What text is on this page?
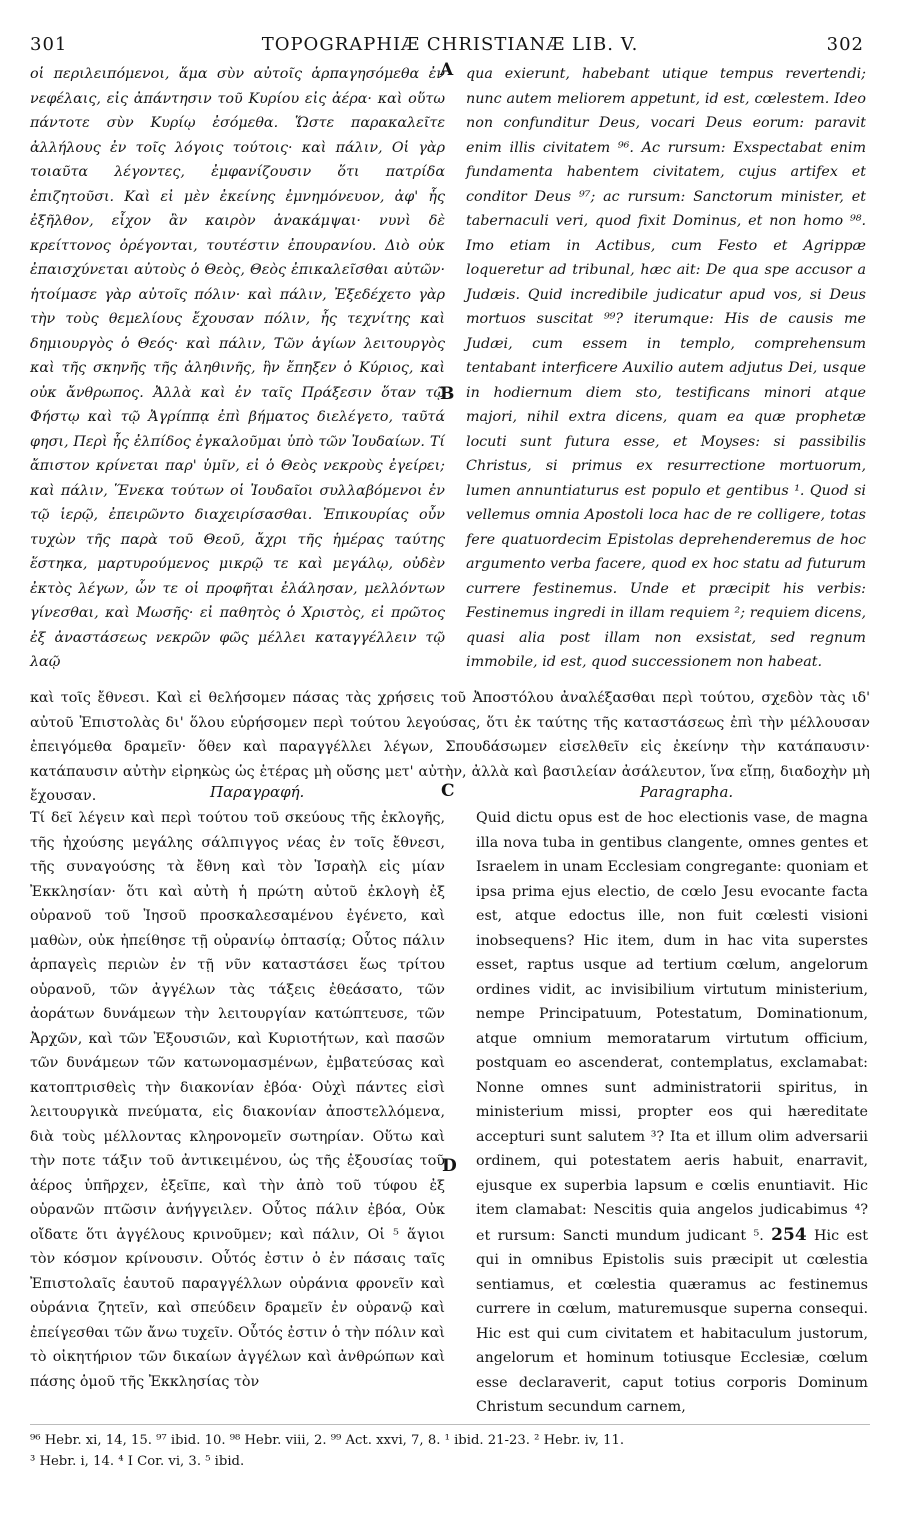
301	TOPOGRAPHIÆ CHRISTIANÆ LIB. V.	302
οἱ περιλειπόμενοι, ἅμα σὺν αὐτοῖς ἁρπαγησόμεθα ἐν νεφέλαις, εἰς ἀπάντησιν τοῦ Κυρίου εἰς ἀέρα· καὶ οὕτω πάντοτε σὺν Κυρίῳ ἐσόμεθα. Ὥστε παρακαλεῖτε ἀλλήλους ἐν τοῖς λόγοις τούτοις· καὶ πάλιν, Οἱ γὰρ τοιαῦτα λέγοντες, ἐμφανίζουσιν ὅτι πατρίδα ἐπιζητοῦσι. Καὶ εἰ μὲν ἐκείνης ἐμνημόνευον, ἀφ' ἧς ἐξῆλθον, εἶχον ἂν καιρὸν ἀνακάμψαι· νυνὶ δὲ κρείττονος ὀρέγονται, τουτέστιν ἐπουρανίου. Διὸ οὐκ ἐπαισχύνεται αὐτοὺς ὁ Θεὸς, Θεὸς ἐπικαλεῖσθαι αὐτῶν· ἡτοίμασε γὰρ αὐτοῖς πόλιν· καὶ πάλιν, Ἐξεδέχετο γὰρ τὴν τοὺς θεμελίους ἔχουσαν πόλιν, ἧς τεχνίτης καὶ δημιουργὸς ὁ Θεός· καὶ πάλιν, Τῶν ἁγίων λειτουργὸς καὶ τῆς σκηνῆς τῆς ἀληθινῆς, ἣν ἔπηξεν ὁ Κύριος, καὶ οὐκ ἄνθρωπος. Ἀλλὰ καὶ ἐν ταῖς Πράξεσιν ὅταν τῷ Φήστῳ καὶ τῷ Ἀγρίππᾳ ἐπὶ βήματος διελέγετο, ταῦτά φησι, Περὶ ἧς ἐλπίδος ἐγκαλοῦμαι ὑπὸ τῶν Ἰουδαίων. Τί ἄπιστον κρίνεται παρ' ὑμῖν, εἰ ὁ Θεὸς νεκροὺς ἐγείρει; καὶ πάλιν, Ἕνεκα τούτων οἱ Ἰουδαῖοι συλλαβόμενοι ἐν τῷ ἱερῷ, ἐπειρῶντο διαχειρίσασθαι. Ἐπικουρίας οὖν τυχὼν τῆς παρὰ τοῦ Θεοῦ, ἄχρι τῆς ἡμέρας ταύτης ἕστηκα, μαρτυρούμενος μικρῷ τε καὶ μεγάλῳ, οὐδὲν ἐκτὸς λέγων, ὧν τε οἱ προφῆται ἐλάλησαν, μελλόντων γίνεσθαι, καὶ Μωσῆς· εἰ παθητὸς ὁ Χριστὸς, εἰ πρῶτος ἐξ ἀναστάσεως νεκρῶν φῶς μέλλει καταγγέλλειν τῷ λαῷ
qua exierunt, habebant utique tempus revertendi; nunc autem meliorem appetunt, id est, cœlestem. Ideo non confunditur Deus, vocari Deus eorum: paravit enim illis civitatem ⁹⁶. Ac rursum: Exspectabat enim fundamenta habentem civitatem, cujus artifex et conditor Deus ⁹⁷; ac rursum: Sanctorum minister, et tabernaculi veri, quod fixit Dominus, et non homo ⁹⁸. Imo etiam in Actibus, cum Festo et Agrippæ loqueretur ad tribunal, hæc ait: De qua spe accusor a Judæis. Quid incredibile judicatur apud vos, si Deus mortuos suscitat ⁹⁹? iterumque: His de causis me Judæi, cum essem in templo, comprehensum tentabant interficere Auxilio autem adjutus Dei, usque in hodiernum diem sto, testificans minori atque majori, nihil extra dicens, quam ea quæ prophetæ locuti sunt futura esse, et Moyses: si passibilis Christus, si primus ex resurrectione mortuorum, lumen annuntiaturus est populo et gentibus ¹. Quod si vellemus omnia Apostoli loca hac de re colligere, totas fere quatuordecim Epistolas deprehenderemus de hoc argumento verba facere, quod ex hoc statu ad futurum currere festinemus. Unde et præcipit his verbis: Festinemus ingredi in illam requiem ²; requiem dicens, quasi alia post illam non exsistat, sed regnum immobile, id est, quod successionem non habeat.
A
B
C
D
καὶ τοῖς ἔθνεσι. Καὶ εἰ θελήσομεν πάσας τὰς χρήσεις τοῦ Ἀποστόλου ἀναλέξασθαι περὶ τούτου, σχεδὸν τὰς ιδ' αὐτοῦ Ἐπιστολὰς δι' ὅλου εὑρήσομεν περὶ τούτου λεγούσας, ὅτι ἐκ ταύτης τῆς καταστάσεως ἐπὶ τὴν μέλλουσαν ἐπειγόμεθα δραμεῖν· ὅθεν καὶ παραγγέλλει λέγων, Σπουδάσωμεν εἰσελθεῖν εἰς ἐκείνην τὴν κατάπαυσιν· κατάπαυσιν αὐτὴν εἰρηκὼς ὡς ἑτέρας μὴ οὔσης μετ' αὐτὴν, ἀλλὰ καὶ βασιλείαν ἀσάλευτον, ἵνα εἴπῃ, διαδοχὴν μὴ ἔχουσαν.	Παραγραφή.	Paragrapha.
Τί δεῖ λέγειν καὶ περὶ τούτου τοῦ σκεύους τῆς ἐκλογῆς, τῆς ἠχούσης μεγάλης σάλπιγγος νέας ἐν τοῖς ἔθνεσι, τῆς συναγούσης τὰ ἔθνη καὶ τὸν Ἰσραὴλ εἰς μίαν Ἐκκλησίαν· ὅτι καὶ αὐτὴ ἡ πρώτη αὐτοῦ ἐκλογὴ ἐξ οὐρανοῦ τοῦ Ἰησοῦ προσκαλεσαμένου ἐγένετο, καὶ μαθὼν, οὐκ ἠπείθησε τῇ οὐρανίῳ ὀπτασίᾳ; Οὗτος πάλιν ἁρπαγεὶς περιὼν ἐν τῇ νῦν καταστάσει ἕως τρίτου οὐρανοῦ, τῶν ἀγγέλων τὰς τάξεις ἐθεάσατο, τῶν ἀοράτων δυνάμεων τὴν λειτουργίαν κατώπτευσε, τῶν Ἀρχῶν, καὶ τῶν Ἐξουσιῶν, καὶ Κυριοτήτων, καὶ πασῶν τῶν δυνάμεων τῶν κατωνομασμένων, ἐμβατεύσας καὶ κατοπτρισθεὶς τὴν διακονίαν ἐβόα· Οὐχὶ πάντες εἰσὶ λειτουργικὰ πνεύματα, εἰς διακονίαν ἀποστελλόμενα, διὰ τοὺς μέλλοντας κληρονομεῖν σωτηρίαν. Οὕτω καὶ τὴν ποτε τάξιν τοῦ ἀντικειμένου, ὡς τῆς ἐξουσίας τοῦ ἀέρος ὑπῆρχεν, ἐξεῖπε, καὶ τὴν ἀπὸ τοῦ τύφου ἐξ οὐρανῶν πτῶσιν ἀνήγγειλεν. Οὗτος πάλιν ἐβόα, Οὐκ οἴδατε ὅτι ἀγγέλους κρινοῦμεν; καὶ πάλιν, Οἱ ⁵ ἅγιοι τὸν κόσμον κρίνουσιν. Οὗτός ἐστιν ὁ ἐν πάσαις ταῖς Ἐπιστολαῖς ἑαυτοῦ παραγγέλλων οὐράνια φρονεῖν καὶ οὐράνια ζητεῖν, καὶ σπεύδειν δραμεῖν ἐν οὐρανῷ καὶ ἐπείγεσθαι τῶν ἄνω τυχεῖν. Οὗτός ἐστιν ὁ τὴν πόλιν καὶ τὸ οἰκητήριον τῶν δικαίων ἀγγέλων καὶ ἀνθρώπων καὶ πάσης ὁμοῦ τῆς Ἐκκλησίας τὸν
Quid dictu opus est de hoc electionis vase, de magna illa nova tuba in gentibus clangente, omnes gentes et Israelem in unam Ecclesiam congregante: quoniam et ipsa prima ejus electio, de cœlo Jesu evocante facta est, atque edoctus ille, non fuit cœlesti visioni inobsequens? Hic item, dum in hac vita superstes esset, raptus usque ad tertium cœlum, angelorum ordines vidit, ac invisibilium virtutum ministerium, nempe Principatuum, Potestatum, Dominationum, atque omnium memoratarum virtutum officium, postquam eo ascenderat, contemplatus, exclamabat: Nonne omnes sunt administratorii spiritus, in ministerium missi, propter eos qui hæreditate accepturi sunt salutem ³? Ita et illum olim adversarii ordinem, qui potestatem aeris habuit, enarravit, ejusque ex superbia lapsum e cœlis enuntiavit. Hic item clamabat: Nescitis quia angelos judicabimus ⁴? et rursum: Sancti mundum judicant ⁵. 254 Hic est qui in omnibus Epistolis suis præcipit ut cœlestia sentiamus, et cœlestia quæramus ac festinemus currere in cœlum, maturemusque superna consequi. Hic est qui cum civitatem et habitaculum justorum, angelorum et hominum totiusque Ecclesiæ, cœlum esse declaraverit, caput totius corporis Dominum Christum secundum carnem,
⁹⁶ Hebr. xi, 14, 15. ⁹⁷ ibid. 10. ⁹⁸ Hebr. viii, 2. ⁹⁹ Act. xxvi, 7, 8. ¹ ibid. 21-23. ² Hebr. iv, 11.
³ Hebr. i, 14. ⁴ I Cor. vi, 3. ⁵ ibid.
